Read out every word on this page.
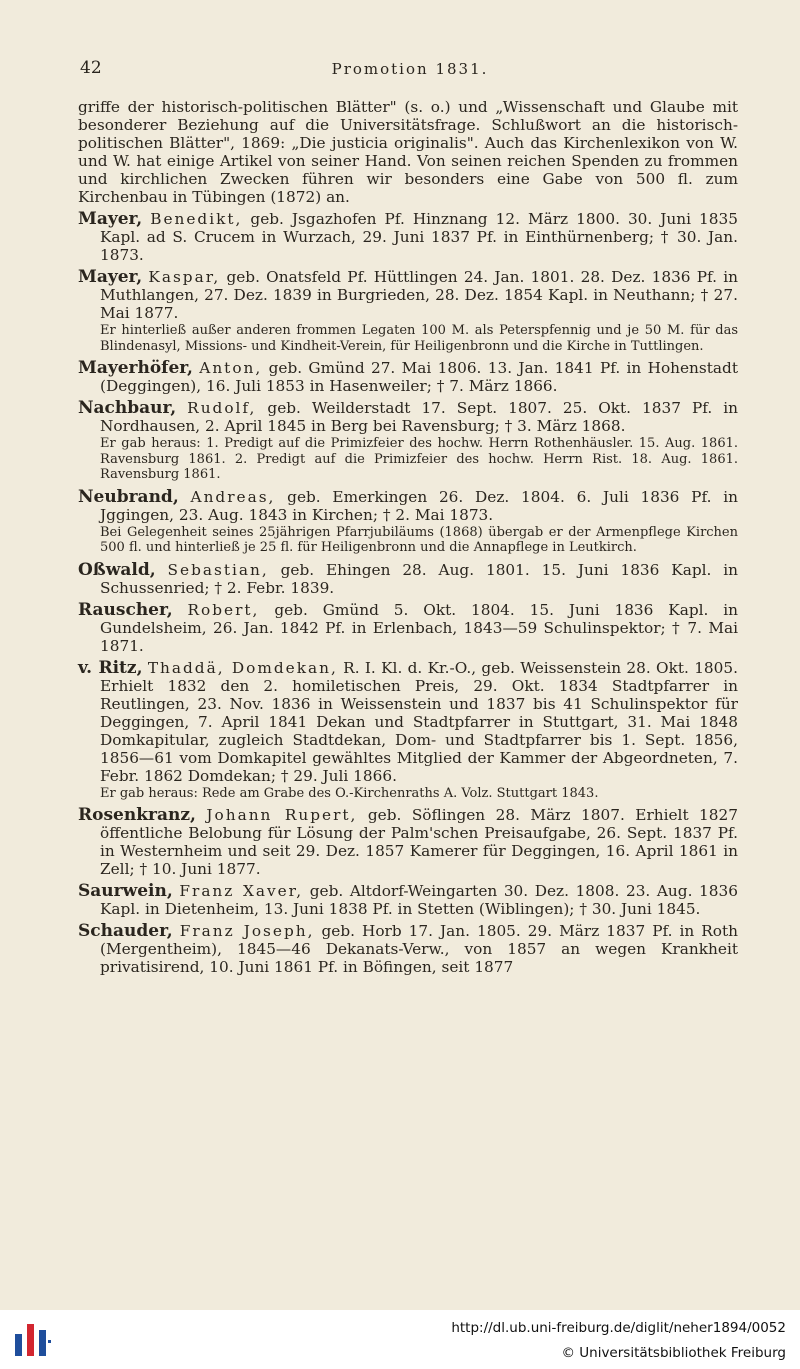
42	Promotion 1831.

griffe der historisch-politischen Blätter" (s. o.) und „Wissenschaft und Glaube mit besonderer Beziehung auf die Universitätsfrage. Schlußwort an die historisch-politischen Blätter", 1869: „Die justicia originalis". Auch das Kirchenlexikon von W. und W. hat einige Artikel von seiner Hand. Von seinen reichen Spenden zu frommen und kirchlichen Zwecken führen wir besonders eine Gabe von 500 fl. zum Kirchenbau in Tübingen (1872) an.

Mayer, Benedikt, geb. Jsgazhofen Pf. Hinznang 12. März 1800. 30. Juni 1835 Kapl. ad S. Crucem in Wurzach, 29. Juni 1837 Pf. in Einthürnenberg; † 30. Jan. 1873.
Mayer, Kaspar, geb. Onatsfeld Pf. Hüttlingen 24. Jan. 1801. 28. Dez. 1836 Pf. in Muthlangen, 27. Dez. 1839 in Burgrieden, 28. Dez. 1854 Kapl. in Neuthann; † 27. Mai 1877.
Er hinterließ außer anderen frommen Legaten 100 M. als Peterspfennig und je 50 M. für das Blindenasyl, Missions- und Kindheit-Verein, für Heiligenbronn und die Kirche in Tuttlingen.
Mayerhöfer, Anton, geb. Gmünd 27. Mai 1806. 13. Jan. 1841 Pf. in Hohenstadt (Deggingen), 16. Juli 1853 in Hasenweiler; † 7. März 1866.
Nachbaur, Rudolf, geb. Weilderstadt 17. Sept. 1807. 25. Okt. 1837 Pf. in Nordhausen, 2. April 1845 in Berg bei Ravensburg; † 3. März 1868.
Er gab heraus: 1. Predigt auf die Primizfeier des hochw. Herrn Rothenhäusler. 15. Aug. 1861. Ravensburg 1861. 2. Predigt auf die Primizfeier des hochw. Herrn Rist. 18. Aug. 1861. Ravensburg 1861.
Neubrand, Andreas, geb. Emerkingen 26. Dez. 1804. 6. Juli 1836 Pf. in Jggingen, 23. Aug. 1843 in Kirchen; † 2. Mai 1873.
Bei Gelegenheit seines 25jährigen Pfarrjubiläums (1868) übergab er der Armenpflege Kirchen 500 fl. und hinterließ je 25 fl. für Heiligenbronn und die Annapflege in Leutkirch.
Oßwald, Sebastian, geb. Ehingen 28. Aug. 1801. 15. Juni 1836 Kapl. in Schussenried; † 2. Febr. 1839.
Rauscher, Robert, geb. Gmünd 5. Okt. 1804. 15. Juni 1836 Kapl. in Gundelsheim, 26. Jan. 1842 Pf. in Erlenbach, 1843—59 Schulinspektor; † 7. Mai 1871.
v. Ritz, Thaddä, Domdekan, R. I. Kl. d. Kr.-O., geb. Weissenstein 28. Okt. 1805. Erhielt 1832 den 2. homiletischen Preis, 29. Okt. 1834 Stadtpfarrer in Reutlingen, 23. Nov. 1836 in Weissenstein und 1837 bis 41 Schulinspektor für Deggingen, 7. April 1841 Dekan und Stadtpfarrer in Stuttgart, 31. Mai 1848 Domkapitular, zugleich Stadtdekan, Dom- und Stadtpfarrer bis 1. Sept. 1856, 1856—61 vom Domkapitel gewähltes Mitglied der Kammer der Abgeordneten, 7. Febr. 1862 Domdekan; † 29. Juli 1866.
Er gab heraus: Rede am Grabe des O.-Kirchenraths A. Volz. Stuttgart 1843.
Rosenkranz, Johann Rupert, geb. Söflingen 28. März 1807. Erhielt 1827 öffentliche Belobung für Lösung der Palm'schen Preisaufgabe, 26. Sept. 1837 Pf. in Westernheim und seit 29. Dez. 1857 Kamerer für Deggingen, 16. April 1861 in Zell; † 10. Juni 1877.
Saurwein, Franz Xaver, geb. Altdorf-Weingarten 30. Dez. 1808. 23. Aug. 1836 Kapl. in Dietenheim, 13. Juni 1838 Pf. in Stetten (Wiblingen); † 30. Juni 1845.
Schauder, Franz Joseph, geb. Horb 17. Jan. 1805. 29. März 1837 Pf. in Roth (Mergentheim), 1845—46 Dekanats-Verw., von 1857 an wegen Krankheit privatisirend, 10. Juni 1861 Pf. in Böfingen, seit 1877
http://dl.ub.uni-freiburg.de/diglit/neher1894/0052
© Universitätsbibliothek Freiburg
